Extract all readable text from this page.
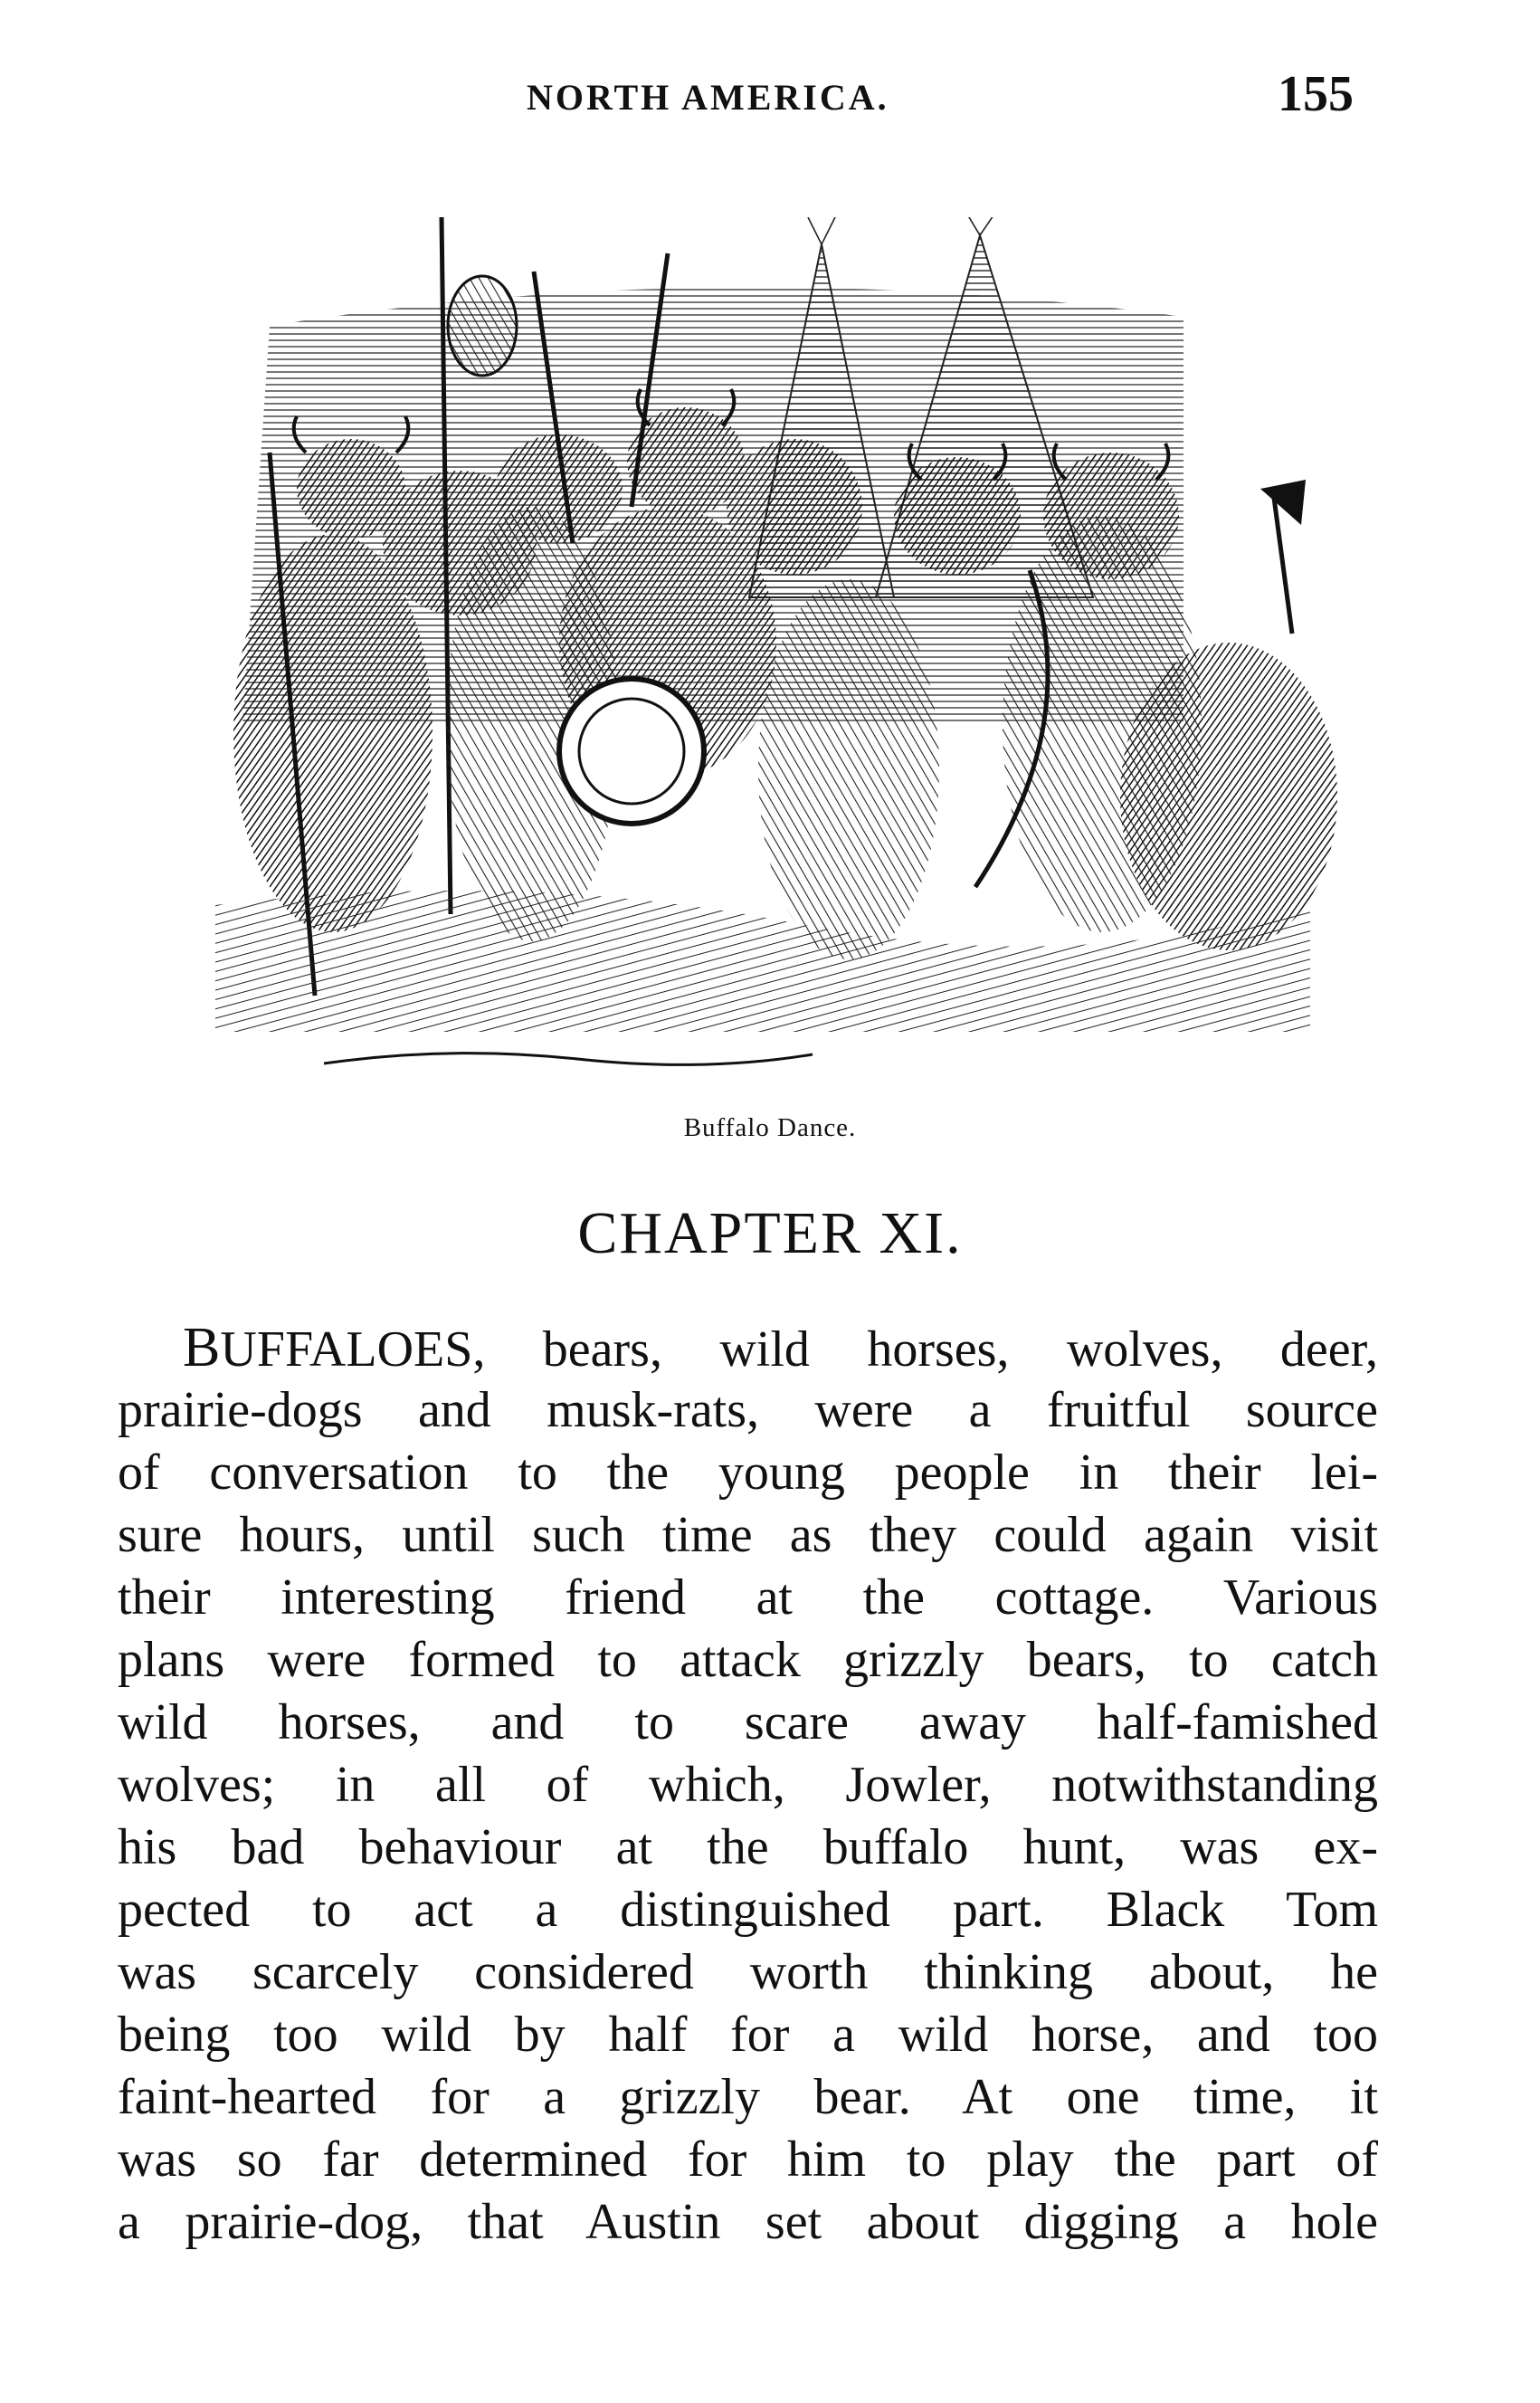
NORTH AMERICA.	155
Buffalo Dance.
CHAPTER XI.
BUFFALOES, bears, wild horses, wolves, deer,
prairie-dogs and musk-rats, were a fruitful source
of conversation to the young people in their lei-
sure hours, until such time as they could again visit
their interesting friend at the cottage. Various
plans were formed to attack grizzly bears, to catch
wild horses, and to scare away half-famished
wolves; in all of which, Jowler, notwithstanding
his bad behaviour at the buffalo hunt, was ex-
pected to act a distinguished part. Black Tom
was scarcely considered worth thinking about, he
being too wild by half for a wild horse, and too
faint-hearted for a grizzly bear. At one time, it
was so far determined for him to play the part of
a prairie-dog, that Austin set about digging a hole
